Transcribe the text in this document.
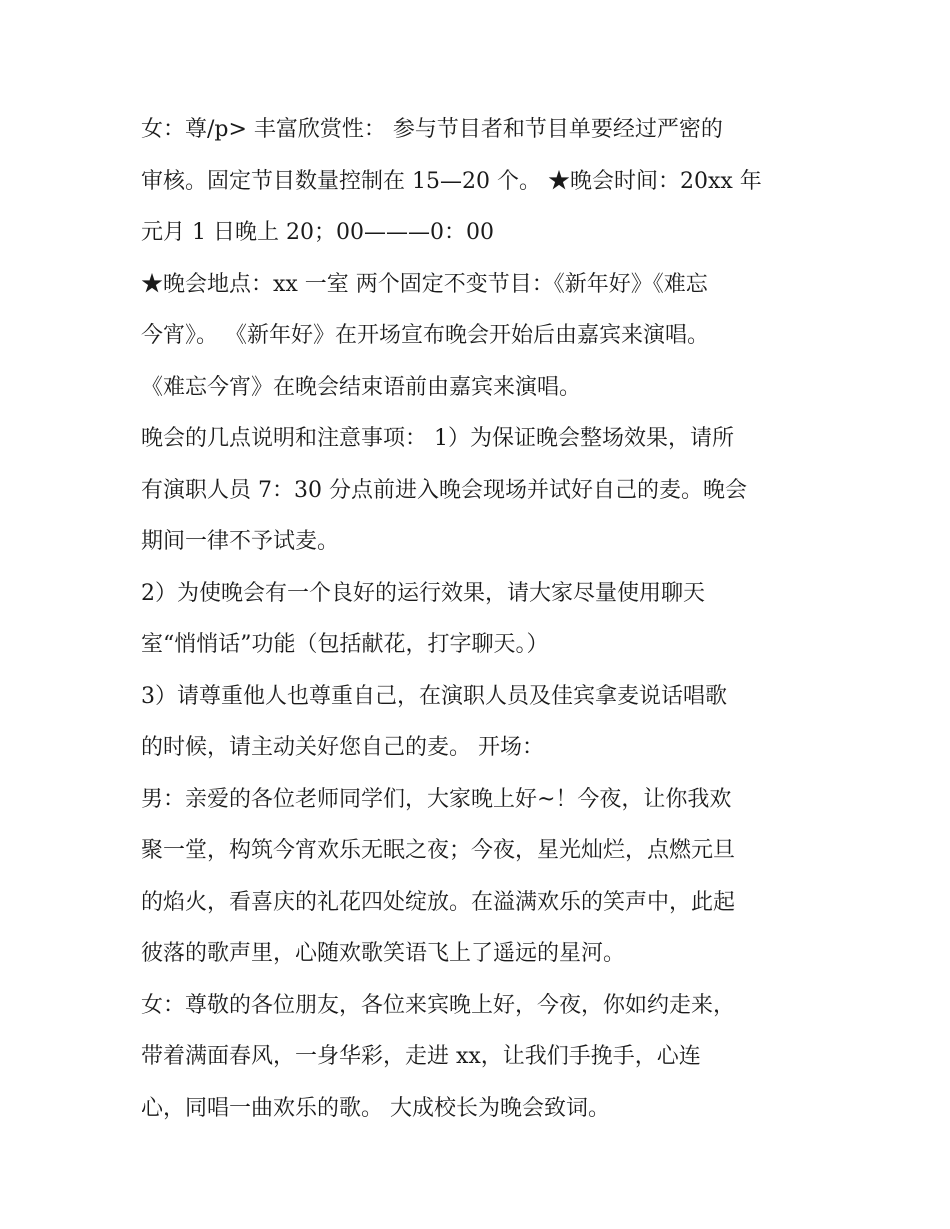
女：尊/p> 丰富欣赏性： 参与节目者和节目单要经过严密的
审核。固定节目数量控制在 15—20 个。 ★晚会时间：20xx 年
元月 1 日晚上 20；00———0：00
★晚会地点：xx 一室 两个固定不变节目：《新年好》《难忘
今宵》。 《新年好》在开场宣布晚会开始后由嘉宾来演唱。
《难忘今宵》在晚会结束语前由嘉宾来演唱。
晚会的几点说明和注意事项： 1）为保证晚会整场效果，请所
有演职人员 7：30 分点前进入晚会现场并试好自己的麦。晚会
期间一律不予试麦。
2）为使晚会有一个良好的运行效果，请大家尽量使用聊天
室“悄悄话”功能（包括献花，打字聊天。）
3）请尊重他人也尊重自己，在演职人员及佳宾拿麦说话唱歌
的时候，请主动关好您自己的麦。 开场：
男：亲爱的各位老师同学们，大家晚上好~！今夜，让你我欢
聚一堂，构筑今宵欢乐无眠之夜；今夜，星光灿烂，点燃元旦
的焰火，看喜庆的礼花四处绽放。在溢满欢乐的笑声中，此起
彼落的歌声里，心随欢歌笑语飞上了遥远的星河。
女：尊敬的各位朋友，各位来宾晚上好，今夜，你如约走来，
带着满面春风，一身华彩，走进 xx，让我们手挽手，心连
心，同唱一曲欢乐的歌。 大成校长为晚会致词。
